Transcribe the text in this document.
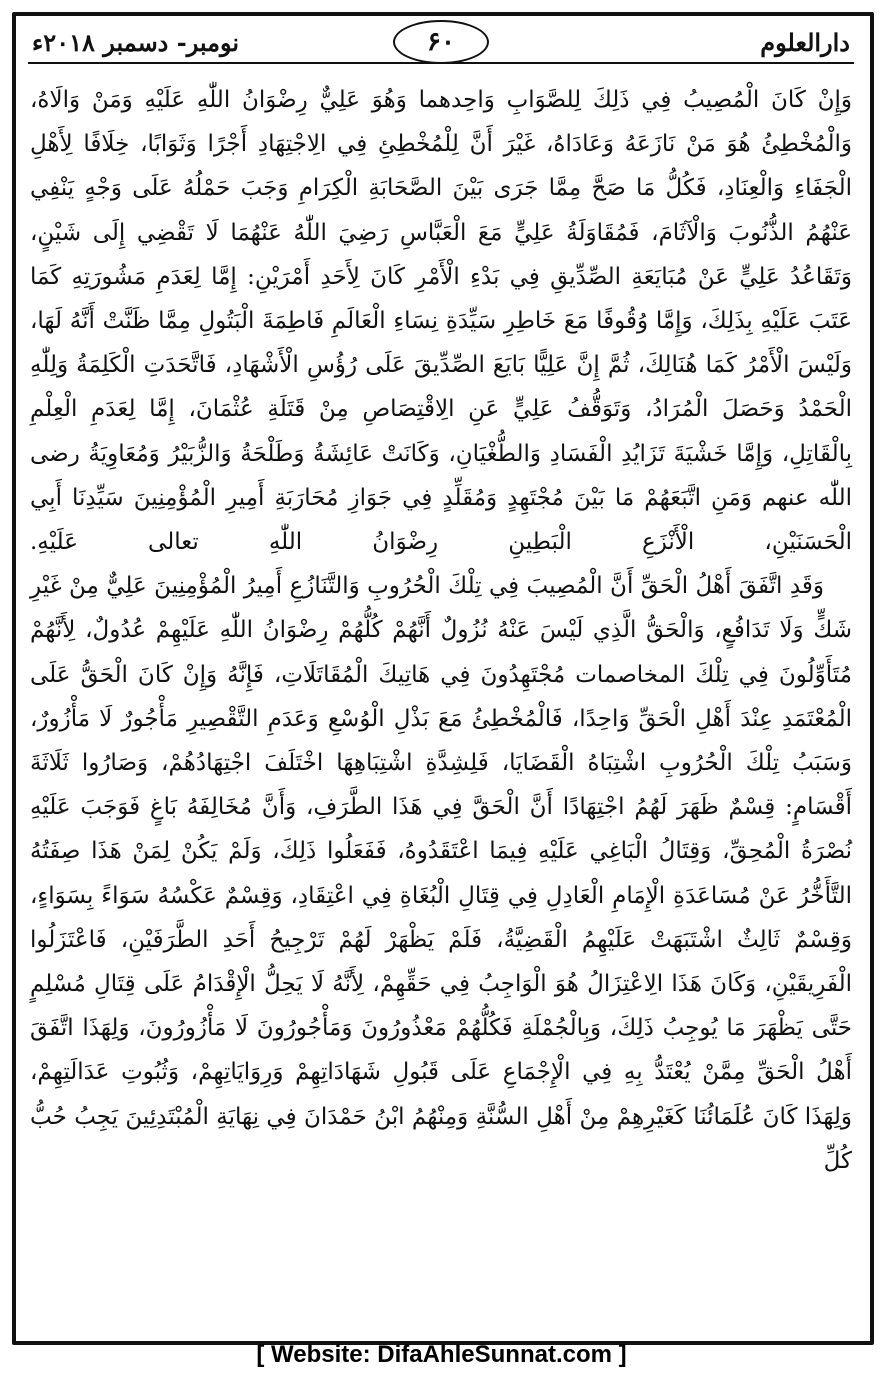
دارالعلوم
۶۰
نومبر- دسمبر ۲۰۱۸ء

وَإِنْ كَانَ الْمُصِيبُ فِي ذَلِكَ لِلصَّوَابِ وَاحِدهما وَهُوَ عَلِيٌّ رِضْوَانُ اللّٰهِ عَلَيْهِ وَمَنْ وَالَاهُ، وَالْمُخْطِئُ هُوَ مَنْ نَازَعَهُ وَعَادَاهُ، غَيْرَ أَنَّ لِلْمُخْطِئِ فِي الِاجْتِهَادِ أَجْرًا وَثَوَابًا، خِلَافًا لِأَهْلِ الْجَفَاءِ وَالْعِنَادِ، فَكُلُّ مَا صَحَّ مِمَّا جَرَى بَيْنَ الصَّحَابَةِ الْكِرَامِ وَجَبَ حَمْلُهُ عَلَى وَجْهٍ يَنْفِي عَنْهُمُ الذُّنُوبَ وَالْآثَامَ، فَمُقَاوَلَةُ عَلِيٍّ مَعَ الْعَبَّاسِ رَضِيَ اللّٰهُ عَنْهُمَا لَا تَقْضِي إِلَى شَيْنٍ، وَتَقَاعُدُ عَلِيٍّ عَنْ مُبَايَعَةِ الصِّدِّيقِ فِي بَدْءِ الْأَمْرِ كَانَ لِأَحَدِ أَمْرَيْنِ: إِمَّا لِعَدَمِ مَشُورَتِهِ كَمَا عَتَبَ عَلَيْهِ بِذَلِكَ، وَإِمَّا وُقُوفًا مَعَ خَاطِرِ سَيِّدَةِ نِسَاءِ الْعَالَمِ فَاطِمَةَ الْبَتُولِ مِمَّا ظَنَّتْ أَنَّهُ لَهَا، وَلَيْسَ الْأَمْرُ كَمَا هُنَالِكَ، ثُمَّ إِنَّ عَلِيًّا بَايَعَ الصِّدِّيقَ عَلَى رُؤُسِ الْأَشْهَادِ، فَاتَّحَدَتِ الْكَلِمَةُ وَلِلّٰهِ الْحَمْدُ وَحَصَلَ الْمُرَادُ، وَتَوَقُّفُ عَلِيٍّ عَنِ الِاقْتِصَاصِ مِنْ قَتَلَةِ عُثْمَانَ، إِمَّا لِعَدَمِ الْعِلْمِ بِالْقَاتِلِ، وَإِمَّا خَشْيَةَ تَزَايُدِ الْفَسَادِ وَالطُّغْيَانِ، وَكَانَتْ عَائِشَةُ وَطَلْحَةُ وَالزُّبَيْرُ وَمُعَاوِيَةُ رضى اللّٰه عنهم وَمَنِ اتَّبَعَهُمْ مَا بَيْنَ مُجْتَهِدٍ وَمُقَلِّدٍ فِي جَوَازِ مُحَارَبَةِ أَمِيرِ الْمُؤْمِنِينَ سَيِّدِنَا أَبِي الْحَسَنَيْنِ، الْأَنْزَعِ الْبَطِينِ رِضْوَانُ اللّٰهِ تعالى عَلَيْهِ.

وَقَدِ اتَّفَقَ أَهْلُ الْحَقِّ أَنَّ الْمُصِيبَ فِي تِلْكَ الْحُرُوبِ وَالتَّنَازُعِ أَمِيرُ الْمُؤْمِنِينَ عَلِيٌّ مِنْ غَيْرِ شَكٍّ وَلَا تَدَافُعٍ، وَالْحَقُّ الَّذِي لَيْسَ عَنْهُ نُزُولٌ أَنَّهُمْ كُلُّهُمْ رِضْوَانُ اللّٰهِ عَلَيْهِمْ عُدُولٌ، لِأَنَّهُمْ مُتَأَوِّلُونَ فِي تِلْكَ المخاصمات مُجْتَهِدُونَ فِي هَاتِيكَ الْمُقَاتَلَاتِ، فَإِنَّهُ وَإِنْ كَانَ الْحَقُّ عَلَى الْمُعْتَمَدِ عِنْدَ أَهْلِ الْحَقِّ وَاحِدًا، فَالْمُخْطِئُ مَعَ بَذْلِ الْوُسْعِ وَعَدَمِ التَّقْصِيرِ مَأْجُورٌ لَا مَأْزُورٌ، وَسَبَبُ تِلْكَ الْحُرُوبِ اشْتِبَاهُ الْقَضَايَا، فَلِشِدَّةِ اشْتِبَاهِهَا اخْتَلَفَ اجْتِهَادُهُمْ، وَصَارُوا ثَلَاثَةَ أَقْسَامٍ: قِسْمٌ ظَهَرَ لَهُمُ اجْتِهَادًا أَنَّ الْحَقَّ فِي هَذَا الطَّرَفِ، وَأَنَّ مُخَالِفَهُ بَاغٍ فَوَجَبَ عَلَيْهِ نُصْرَةُ الْمُحِقِّ، وَقِتَالُ الْبَاغِي عَلَيْهِ فِيمَا اعْتَقَدُوهُ، فَفَعَلُوا ذَلِكَ، وَلَمْ يَكُنْ لِمَنْ هَذَا صِفَتُهُ التَّأَخُّرُ عَنْ مُسَاعَدَةِ الْإِمَامِ الْعَادِلِ فِي قِتَالِ الْبُغَاةِ فِي اعْتِقَادِ، وَقِسْمٌ عَكْسُهُ سَوَاءً بِسَوَاءٍ، وَقِسْمٌ ثَالِثٌ اشْتَبَهَتْ عَلَيْهِمُ الْقَضِيَّةُ، فَلَمْ يَظْهَرْ لَهُمْ تَرْجِيحُ أَحَدِ الطَّرَفَيْنِ، فَاعْتَزَلُوا الْفَرِيقَيْنِ، وَكَانَ هَذَا الِاعْتِزَالُ هُوَ الْوَاجِبُ فِي حَقِّهِمْ، لِأَنَّهُ لَا يَحِلُّ الْإِقْدَامُ عَلَى قِتَالِ مُسْلِمٍ حَتَّى يَظْهَرَ مَا يُوجِبُ ذَلِكَ، وَبِالْجُمْلَةِ فَكُلُّهُمْ مَعْذُورُونَ وَمَأْجُورُونَ لَا مَأْزُورُونَ، وَلِهَذَا اتَّفَقَ أَهْلُ الْحَقِّ مِمَّنْ يُعْتَدُّ بِهِ فِي الْإِجْمَاعِ عَلَى قَبُولِ شَهَادَاتِهِمْ وَرِوَايَاتِهِمْ، وَثُبُوتِ عَدَالَتِهِمْ، وَلِهَذَا كَانَ عُلَمَائُنَا كَغَيْرِهِمْ مِنْ أَهْلِ السُّنَّةِ وَمِنْهُمُ ابْنُ حَمْدَانَ فِي نِهَايَةِ الْمُبْتَدِئِينَ يَجِبُ حُبُّ كُلِّ

[ Website: DifaAhleSunnat.com ]
